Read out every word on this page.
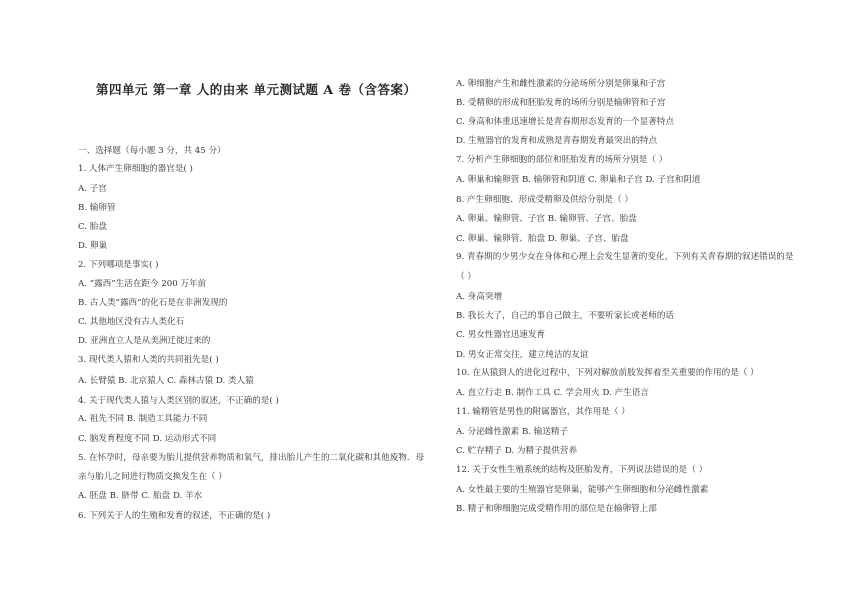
第四单元 第一章 人的由来 单元测试题 A 卷（含答案）
一、选择题（每小题 3 分，共 45 分）
1. 人体产生卵细胞的器官是( )
A. 子宫
B. 输卵管
C. 胎盘
D. 卵巢
2. 下列哪项是事实( )
A. “露西”生活在距今 200 万年前
B. 古人类“露西”的化石是在非洲发现的
C. 其他地区没有古人类化石
D. 亚洲直立人是从美洲迁徙过来的
3. 现代类人猿和人类的共同祖先是( )
A. 长臂猿 B. 北京猿人 C. 森林古猿 D. 类人猿
4. 关于现代类人猿与人类区别的叙述，不正确的是( )
A. 祖先不同 B. 制造工具能力不同
C. 脑发育程度不同 D. 运动形式不同
5. 在怀孕时，母亲要为胎儿提供营养物质和氧气，排出胎儿产生的二氧化碳和其他废物．母
亲与胎儿之间进行物质交换发生在（ ）
A. 胚盘 B. 脐带 C. 胎盘 D. 羊水
6. 下列关于人的生殖和发育的叙述，不正确的是( )
A. 卵细胞产生和雌性激素的分泌场所分别是卵巢和子宫
B. 受精卵的形成和胚胎发育的场所分别是输卵管和子宫
C. 身高和体重迅速增长是青春期形态发育的一个显著特点
D. 生殖器官的发育和成熟是青春期发育最突出的特点
7. 分析产生卵细胞的部位和胚胎发育的场所分别是（ ）
A. 卵巢和输卵管 B. 输卵管和阴道 C. 卵巢和子宫 D. 子宫和阴道
8. 产生卵细胞、形成受精卵及供给分别是（ ）
A. 卵巢、输卵管、子宫 B. 输卵管、子宫、胎盘
C. 卵巢、输卵管、胎盘 D. 卵巢、子宫、胎盘
9. 青春期的少男少女在身体和心理上会发生显著的变化，下列有关青春期的叙述错误的是
（ ）
A. 身高突增
B. 我长大了，自己的事自己做主，不要听家长或老师的话
C. 男女性器官迅速发育
D. 男女正常交往，建立纯洁的友谊
10. 在从猿到人的进化过程中，下列对解放前肢发挥着至关重要的作用的是（ ）
A. 直立行走 B. 制作工具 C. 学会用火 D. 产生语言
11. 输精管是男性的附属器官，其作用是（ ）
A. 分泌雌性激素 B. 输送精子
C. 贮存精子 D. 为精子提供营养
12. 关于女性生殖系统的结构及胚胎发育，下列说法错误的是（ ）
A. 女性最主要的生殖器官是卵巢，能够产生卵细胞和分泌雌性激素
B. 精子和卵细胞完成受精作用的部位是在输卵管上部
